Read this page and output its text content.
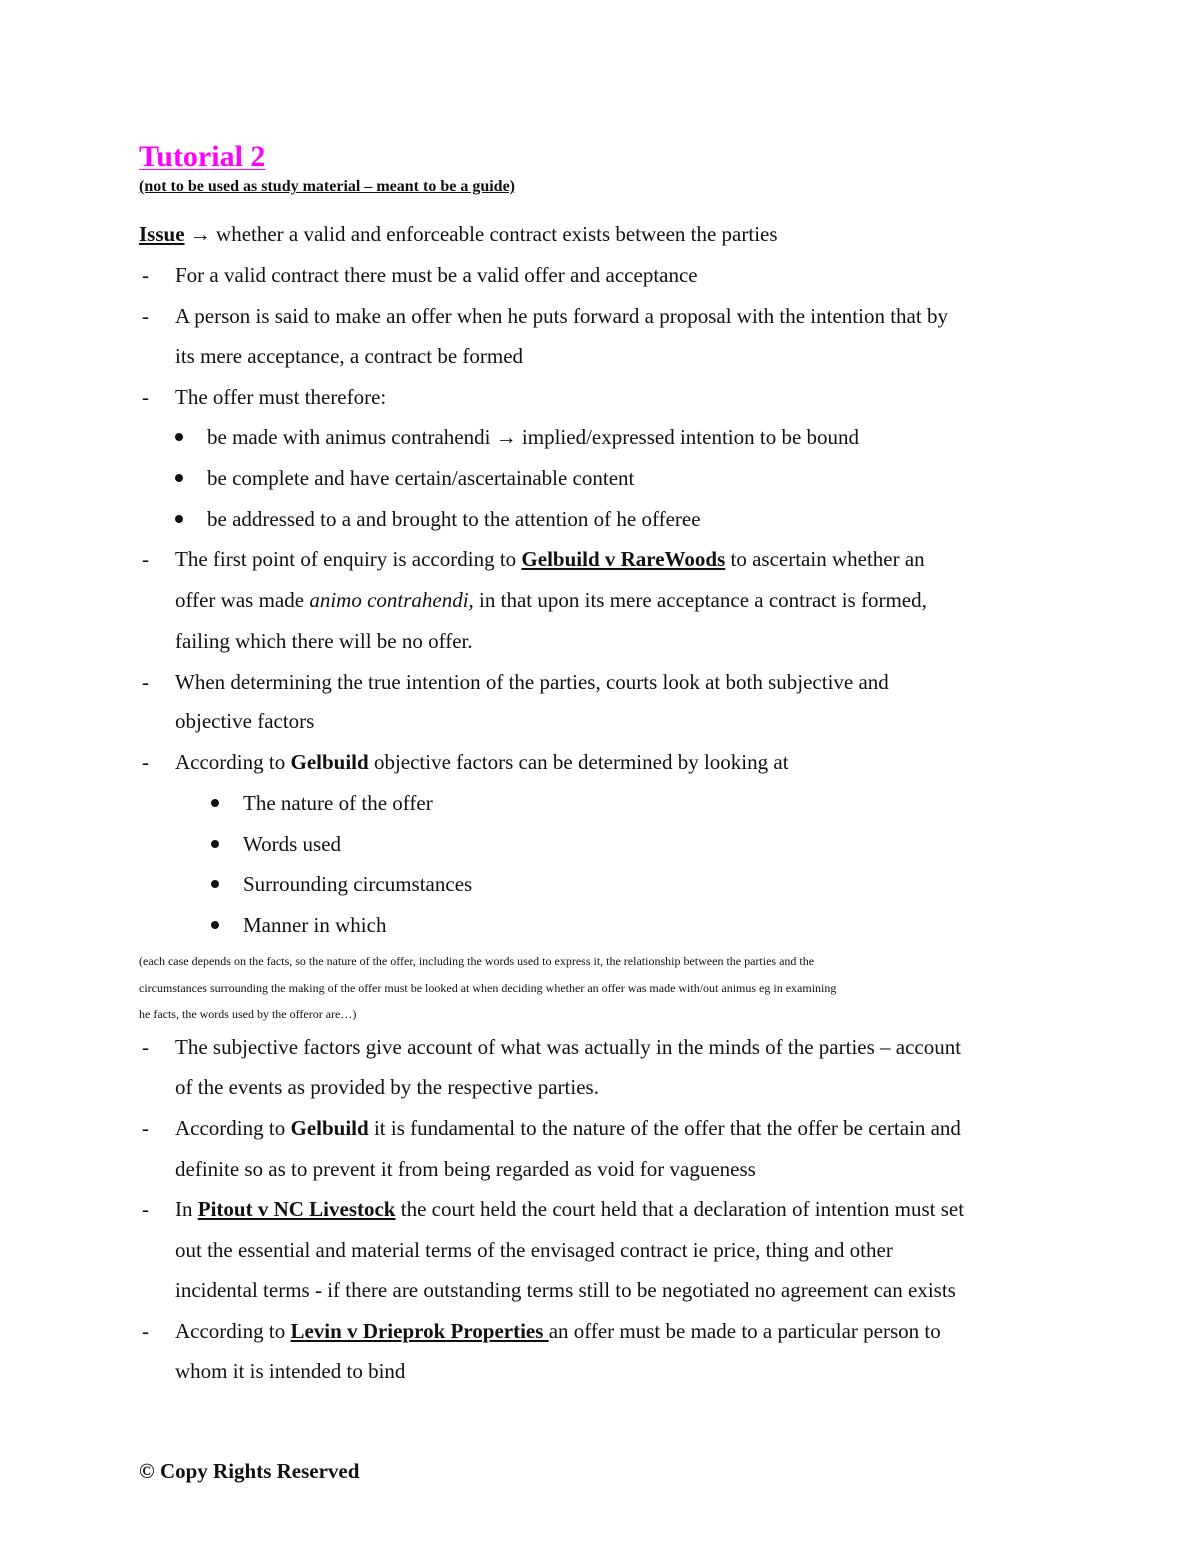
Tutorial 2
(not to be used as study material – meant to be a guide)
Issue → whether a valid and enforceable contract exists between the parties
- For a valid contract there must be a valid offer and acceptance
- A person is said to make an offer when he puts forward a proposal with the intention that by
its mere acceptance, a contract be formed
- The offer must therefore:
be made with animus contrahendi → implied/expressed intention to be bound
be complete and have certain/ascertainable content
be addressed to a and brought to the attention of he offeree
- The first point of enquiry is according to Gelbuild v RareWoods to ascertain whether an
offer was made animo contrahendi, in that upon its mere acceptance a contract is formed,
failing which there will be no offer.
- When determining the true intention of the parties, courts look at both subjective and
objective factors
- According to Gelbuild objective factors can be determined by looking at
The nature of the offer
Words used
Surrounding circumstances
Manner in which
(each case depends on the facts, so the nature of the offer, including the words used to express it, the relationship between the parties and the
circumstances surrounding the making of the offer must be looked at when deciding whether an offer was made with/out animus eg in examining
he facts, the words used by the offeror are…)
- The subjective factors give account of what was actually in the minds of the parties – account
of the events as provided by the respective parties.
- According to Gelbuild it is fundamental to the nature of the offer that the offer be certain and
definite so as to prevent it from being regarded as void for vagueness
- In Pitout v NC Livestock the court held the court held that a declaration of intention must set
out the essential and material terms of the envisaged contract ie price, thing and other
incidental terms - if there are outstanding terms still to be negotiated no agreement can exists
- According to Levin v Drieprok Properties an offer must be made to a particular person to
whom it is intended to bind
© Copy Rights Reserved
